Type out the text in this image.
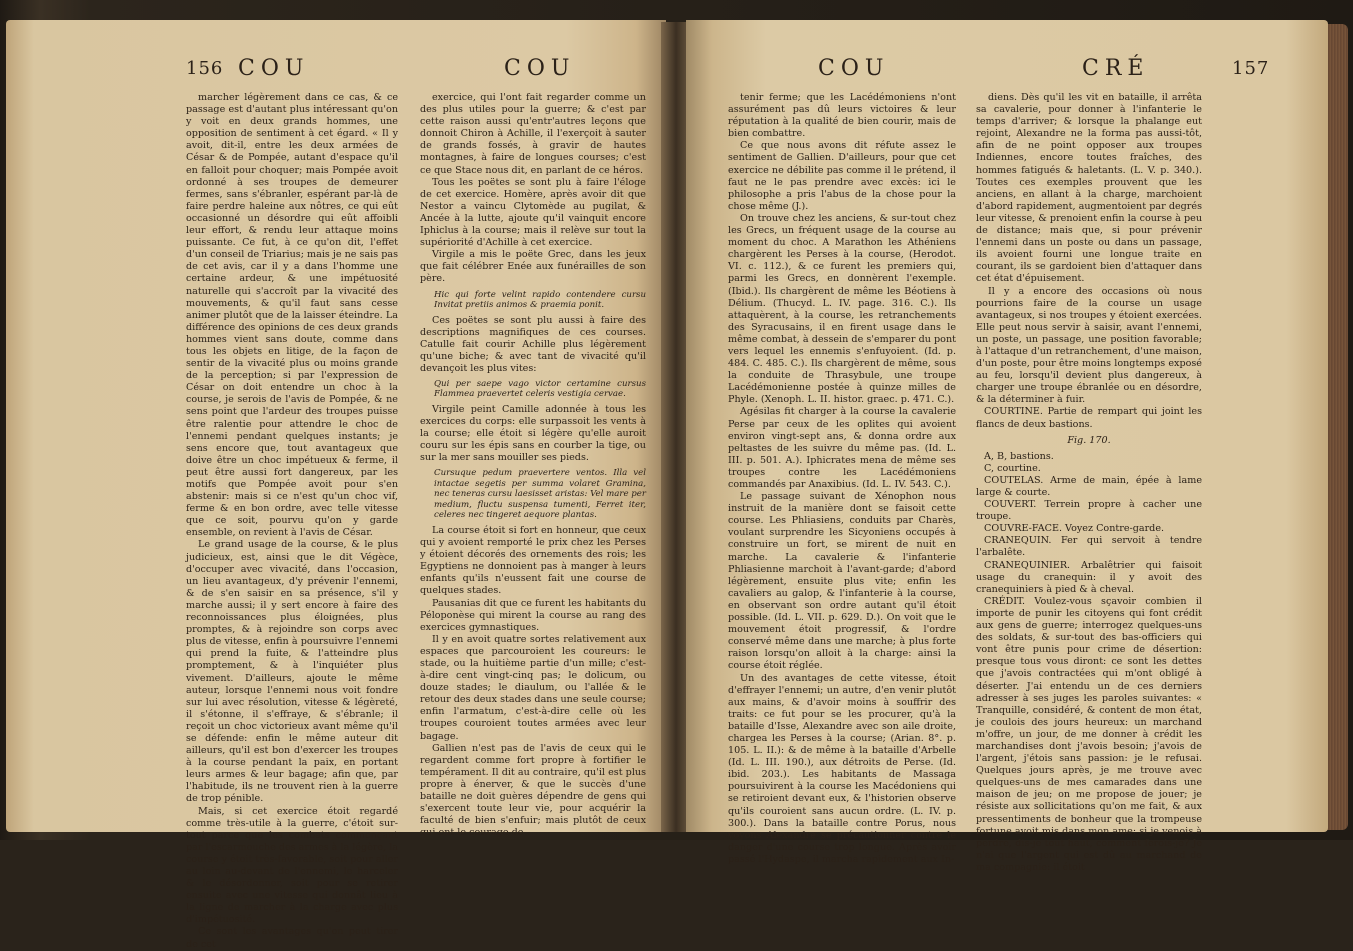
156 COU	COU

marcher légèrement dans ce cas, & ce passage est d'autant plus intéressant qu'on y voit en deux grands hommes, une opposition de sentiment à cet égard. « Il y avoit, dit-il, entre les deux armées de César & de Pompée, autant d'espace qu'il en falloit pour choquer; mais Pompée avoit ordonné à ses troupes de demeurer fermes, sans s'ébranler, espérant par-là de faire perdre haleine aux nôtres, ce qui eût occasionné un désordre qui eût affoibli leur effort, & rendu leur attaque moins puissante. Ce fut, à ce qu'on dit, l'effet d'un conseil de Triarius; mais je ne sais pas de cet avis, car il y a dans l'homme une certaine ardeur, & une impétuosité naturelle qui s'accroît par la vivacité des mouvements, & qu'il faut sans cesse animer plutôt que de la laisser éteindre. La différence des opinions de ces deux grands hommes vient sans doute, comme dans tous les objets en litige, de la façon de sentir de la vivacité plus ou moins grande de la perception; si par l'expression de César on doit entendre un choc à la course, je serois de l'avis de Pompée, & ne sens point que l'ardeur des troupes puisse être ralentie pour attendre le choc de l'ennemi pendant quelques instants; je sens encore que, tout avantageux que doive être un choc impétueux & ferme, il peut être aussi fort dangereux, par les motifs que Pompée avoit pour s'en abstenir: mais si ce n'est qu'un choc vif, ferme & en bon ordre, avec telle vitesse que ce soit, pourvu qu'on y garde ensemble, on revient à l'avis de César.

Le grand usage de la course, & le plus judicieux, est, ainsi que le dit Végèce, d'occuper avec vivacité, dans l'occasion, un lieu avantageux, d'y prévenir l'ennemi, & de s'en saisir en sa présence, s'il y marche aussi; il y sert encore à faire des reconnoissances plus éloignées, plus promptes, & à rejoindre son corps avec plus de vitesse, enfin à poursuivre l'ennemi qui prend la fuite, & l'atteindre plus promptement, & à l'inquiéter plus vivement. D'ailleurs, ajoute le même auteur, lorsque l'ennemi nous voit fondre sur lui avec résolution, vitesse & légèreté, il s'étonne, il s'effraye, & s'ébranle; il reçoit un choc victorieux avant même qu'il se défende: enfin le même auteur dit ailleurs, qu'il est bon d'exercer les troupes à la course pendant la paix, en portant leurs armes & leur bagage; afin que, par l'habitude, ils ne trouvent rien à la guerre de trop pénible.

Mais, si cet exercice étoit regardé comme très-utile à la guerre, c'étoit sur-tout parce que les combats commençant par l'escarmouche des armes à la légère, la course y étoit très-favorable, soit pour aller au loin au-devant de l'ennemi, le harceler & le désordonner, soit pour se retirer ensuite avec une vitesse qui donnât lieu à la ligne de marcher à la charge avec plus d'impétuosité.

Ce sont les avantages qu'on peut tirer de cet

exercice, qui l'ont fait regarder comme un des plus utiles pour la guerre; & c'est par cette raison aussi qu'entr'autres leçons que donnoit Chiron à Achille, il l'exerçoit à sauter de grands fossés, à gravir de hautes montagnes, à faire de longues courses; c'est ce que Stace nous dit, en parlant de ce héros.

Tous les poëtes se sont plu à faire l'éloge de cet exercice. Homère, après avoir dit que Nestor a vaincu Clytomède au pugilat, & Ancée à la lutte, ajoute qu'il vainquit encore Iphiclus à la course; mais il relève sur tout la supériorité d'Achille à cet exercice.

Virgile a mis le poëte Grec, dans les jeux que fait célébrer Enée aux funérailles de son père.

Hic qui forte velint rapido contendere cursu Invitat pretiis animos & praemia ponit.

Ces poëtes se sont plu aussi à faire des descriptions magnifiques de ces courses. Catulle fait courir Achille plus légèrement qu'une biche; & avec tant de vivacité qu'il devançoit les plus vites:

Qui per saepe vago victor certamine cursus Flammea praevertet celeris vestigia cervae.

Virgile peint Camille adonnée à tous les exercices du corps: elle surpassoit les vents à la course; elle étoit si légère qu'elle auroit couru sur les épis sans en courber la tige, ou sur la mer sans mouiller ses pieds.

Cursuque pedum praevertere ventos. Illa vel intactae segetis per summa volaret Gramina, nec teneras cursu laesisset aristas: Vel mare per medium, fluctu suspensa tumenti, Ferret iter, celeres nec tingeret aequore plantas.

La course étoit si fort en honneur, que ceux qui y avoient remporté le prix chez les Perses y étoient décorés des ornements des rois; les Egyptiens ne donnoient pas à manger à leurs enfants qu'ils n'eussent fait une course de quelques stades.

Pausanias dit que ce furent les habitants du Péloponèse qui mirent la course au rang des exercices gymnastiques.

Il y en avoit quatre sortes relativement aux espaces que parcouroient les coureurs: le stade, ou la huitième partie d'un mille; c'est-à-dire cent vingt-cinq pas; le dolicum, ou douze stades; le diaulum, ou l'allée & le retour des deux stades dans une seule course; enfin l'armatum, c'est-à-dire celle où les troupes couroient toutes armées avec leur bagage.

Gallien n'est pas de l'avis de ceux qui le regardent comme fort propre à fortifier le tempérament. Il dit au contraire, qu'il est plus propre à énerver, & que le succès d'une bataille ne doit guères dépendre de gens qui s'exercent toute leur vie, pour acquérir la faculté de bien s'enfuir; mais plutôt de ceux qui ont le courage de

COU	CRÉ	157

tenir ferme; que les Lacédémoniens n'ont assurément pas dû leurs victoires & leur réputation à la qualité de bien courir, mais de bien combattre.

Ce que nous avons dit réfute assez le sentiment de Gallien. D'ailleurs, pour que cet exercice ne débilite pas comme il le prétend, il faut ne le pas prendre avec excès: ici le philosophe a pris l'abus de la chose pour la chose même (J.).

On trouve chez les anciens, & sur-tout chez les Grecs, un fréquent usage de la course au moment du choc. A Marathon les Athéniens chargèrent les Perses à la course, (Herodot. VI. c. 112.), & ce furent les premiers qui, parmi les Grecs, en donnèrent l'exemple. (Ibid.). Ils chargèrent de même les Béotiens à Délium. (Thucyd. L. IV. page. 316. C.). Ils attaquèrent, à la course, les retranchements des Syracusains, il en firent usage dans le même combat, à dessein de s'emparer du pont vers lequel les ennemis s'enfuyoient. (Id. p. 484. C. 485. C.). Ils chargèrent de même, sous la conduite de Thrasybule, une troupe Lacédémonienne postée à quinze milles de Phyle. (Xenoph. L. II. histor. graec. p. 471. C.).

Agésilas fit charger à la course la cavalerie Perse par ceux de les oplites qui avoient environ vingt-sept ans, & donna ordre aux peltastes de les suivre du même pas. (Id. L. III. p. 501. A.). Iphicrates mena de même ses troupes contre les Lacédémoniens commandés par Anaxibius. (Id. L. IV. 543. C.).

Le passage suivant de Xénophon nous instruit de la manière dont se faisoit cette course. Les Phliasiens, conduits par Charès, voulant surprendre les Sicyoniens occupés à construire un fort, se mirent de nuit en marche. La cavalerie & l'infanterie Phliasienne marchoit à l'avant-garde; d'abord légèrement, ensuite plus vite; enfin les cavaliers au galop, & l'infanterie à la course, en observant son ordre autant qu'il étoit possible. (Id. L. VII. p. 629. D.). On voit que le mouvement étoit progressif, & l'ordre conservé même dans une marche; à plus forte raison lorsqu'on alloit à la charge: ainsi la course étoit réglée.

Un des avantages de cette vitesse, étoit d'effrayer l'ennemi; un autre, d'en venir plutôt aux mains, & d'avoir moins à souffrir des traits: ce fut pour se les procurer, qu'à la bataille d'Isse, Alexandre avec son aile droite, chargea les Perses à la course; (Arian. 8°. p. 105. L. II.): & de même à la bataille d'Arbelle (Id. L. III. 190.), aux détroits de Perse. (Id. ibid. 203.). Les habitants de Massaga poursuivirent à la course les Macédoniens qui se retiroient devant eux, & l'historien observe qu'ils couroient sans aucun ordre. (L. IV. p. 300.). Dans la bataille contre Porus, nous voyons Alexandre se précautionner contre le danger d'une course trop longue. Après avoir passé l'Hydaspe, il marcha rapidement aux In-

diens. Dès qu'il les vit en bataille, il arrêta sa cavalerie, pour donner à l'infanterie le temps d'arriver; & lorsque la phalange eut rejoint, Alexandre ne la forma pas aussi-tôt, afin de ne point opposer aux troupes Indiennes, encore toutes fraîches, des hommes fatigués & haletants. (L. V. p. 340.). Toutes ces exemples prouvent que les anciens, en allant à la charge, marchoient d'abord rapidement, augmentoient par degrés leur vitesse, & prenoient enfin la course à peu de distance; mais que, si pour prévenir l'ennemi dans un poste ou dans un passage, ils avoient fourni une longue traite en courant, ils se gardoient bien d'attaquer dans cet état d'épuisement.

Il y a encore des occasions où nous pourrions faire de la course un usage avantageux, si nos troupes y étoient exercées. Elle peut nous servir à saisir, avant l'ennemi, un poste, un passage, une position favorable; à l'attaque d'un retranchement, d'une maison, d'un poste, pour être moins longtemps exposé au feu, lorsqu'il devient plus dangereux, à charger une troupe ébranlée ou en désordre, & la déterminer à fuir.

COURTINE. Partie de rempart qui joint les flancs de deux bastions.

Fig. 170.

A, B, bastions.

C, courtine.

COUTELAS. Arme de main, épée à lame large & courte.

COUVERT. Terrein propre à cacher une troupe.

COUVRE-FACE. Voyez Contre-garde.

CRANEQUIN. Fer qui servoit à tendre l'arbalête.

CRANEQUINIER. Arbalêtrier qui faisoit usage du cranequin: il y avoit des cranequiniers à pied & à cheval.

CRÉDIT. Voulez-vous sçavoir combien il importe de punir les citoyens qui font crédit aux gens de guerre; interrogez quelques-uns des soldats, & sur-tout des bas-officiers qui vont être punis pour crime de désertion: presque tous vous diront: ce sont les dettes que j'avois contractées qui m'ont obligé à déserter. J'ai entendu un de ces derniers adresser à ses juges les paroles suivantes: « Tranquille, considéré, & content de mon état, je coulois des jours heureux: un marchand m'offre, un jour, de me donner à crédit les marchandises dont j'avois besoin; j'avois de l'argent, j'étois sans passion: je le refusai. Quelques jours après, je me trouve avec quelques-uns de mes camarades dans une maison de jeu; on me propose de jouer; je résiste aux sollicitations qu'on me fait, & aux pressentiments de bonheur que la trompeuse fortune avoit mis dans mon ame: si je venois à perdre, dis-je tout haut, comment ferois-je? Je n'ai que l'argent qui est dû au marchand de ma compagnie: il étoit
